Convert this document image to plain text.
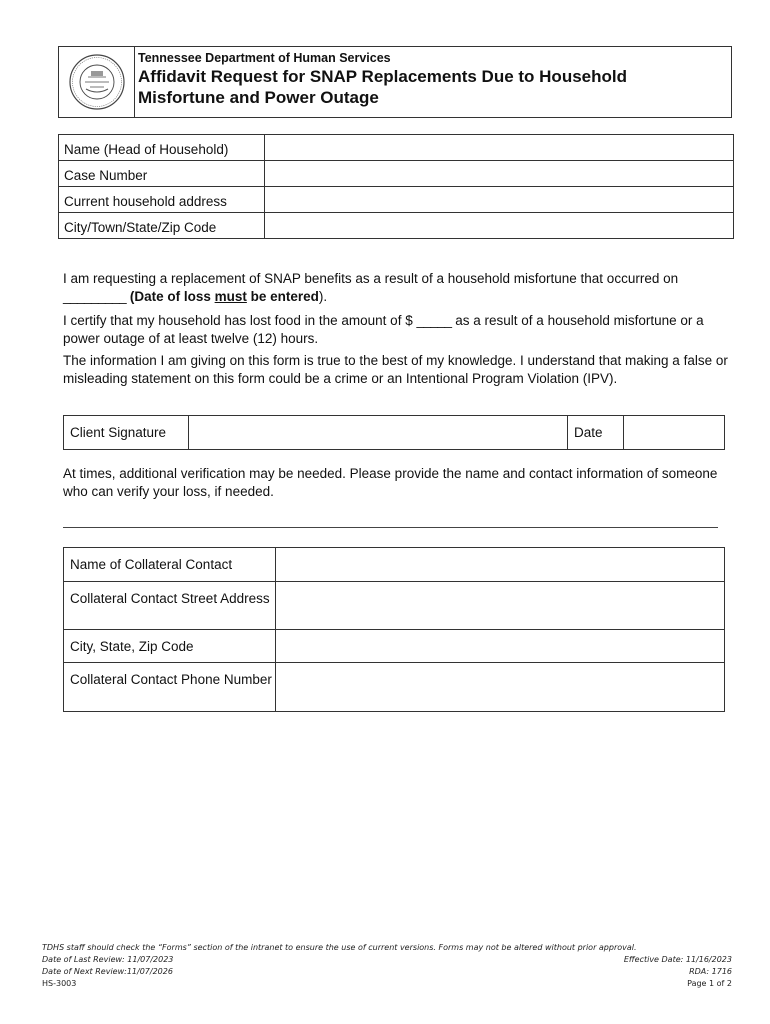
Tennessee Department of Human Services
Affidavit Request for SNAP Replacements Due to Household
Misfortune and Power Outage
Name (Head of Household)	
Case Number	
Current household address	
City/Town/State/Zip Code	
I am requesting a replacement of SNAP benefits as a result of a household misfortune that occurred on
_________ (Date of loss must be entered).
I certify that my household has lost food in the amount of $ _____ as a result of a household misfortune or a power outage of at least twelve (12) hours.
The information I am giving on this form is true to the best of my knowledge. I understand that making a false or misleading statement on this form could be a crime or an Intentional Program Violation (IPV).
Client Signature		Date	
At times, additional verification may be needed. Please provide the name and contact information of someone who can verify your loss, if needed.
Name of Collateral Contact	
Collateral Contact Street Address	
City, State, Zip Code	
Collateral Contact Phone Number	
TDHS staff should check the “Forms” section of the intranet to ensure the use of current versions. Forms may not be altered without prior approval.
Date of Last Review: 11/07/2023	Effective Date: 11/16/2023
Date of Next Review:11/07/2026	RDA: 1716
HS-3003	Page 1 of 2
